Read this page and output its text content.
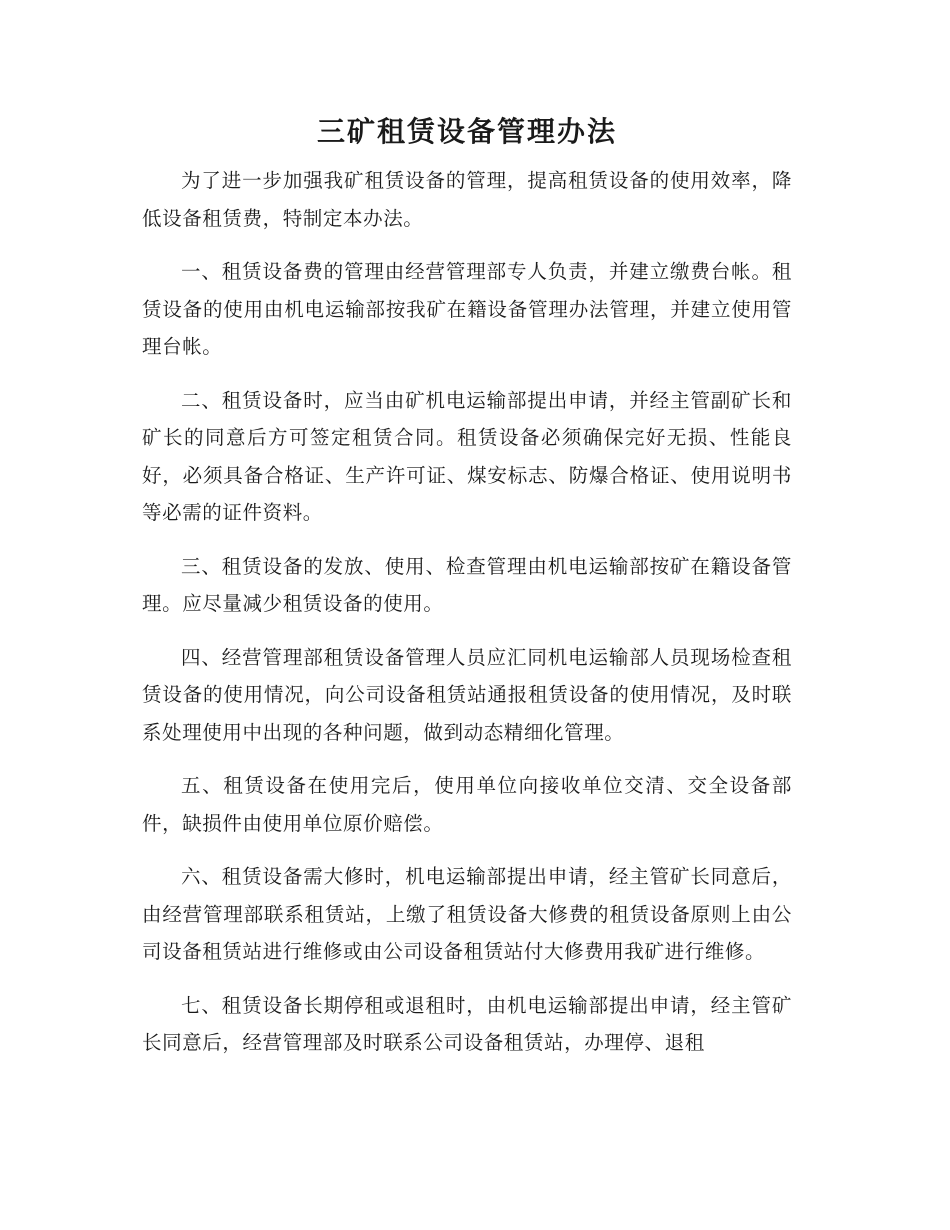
三矿租赁设备管理办法

为了进一步加强我矿租赁设备的管理，提高租赁设备的使用效率，降低设备租赁费，特制定本办法。

一、租赁设备费的管理由经营管理部专人负责，并建立缴费台帐。租赁设备的使用由机电运输部按我矿在籍设备管理办法管理，并建立使用管理台帐。

二、租赁设备时，应当由矿机电运输部提出申请，并经主管副矿长和矿长的同意后方可签定租赁合同。租赁设备必须确保完好无损、性能良好，必须具备合格证、生产许可证、煤安标志、防爆合格证、使用说明书等必需的证件资料。

三、租赁设备的发放、使用、检查管理由机电运输部按矿在籍设备管理。应尽量减少租赁设备的使用。

四、经营管理部租赁设备管理人员应汇同机电运输部人员现场检查租赁设备的使用情况，向公司设备租赁站通报租赁设备的使用情况，及时联系处理使用中出现的各种问题，做到动态精细化管理。

五、租赁设备在使用完后，使用单位向接收单位交清、交全设备部件，缺损件由使用单位原价赔偿。

六、租赁设备需大修时，机电运输部提出申请，经主管矿长同意后，由经营管理部联系租赁站，上缴了租赁设备大修费的租赁设备原则上由公司设备租赁站进行维修或由公司设备租赁站付大修费用我矿进行维修。

七、租赁设备长期停租或退租时，由机电运输部提出申请，经主管矿长同意后，经营管理部及时联系公司设备租赁站，办理停、退租
